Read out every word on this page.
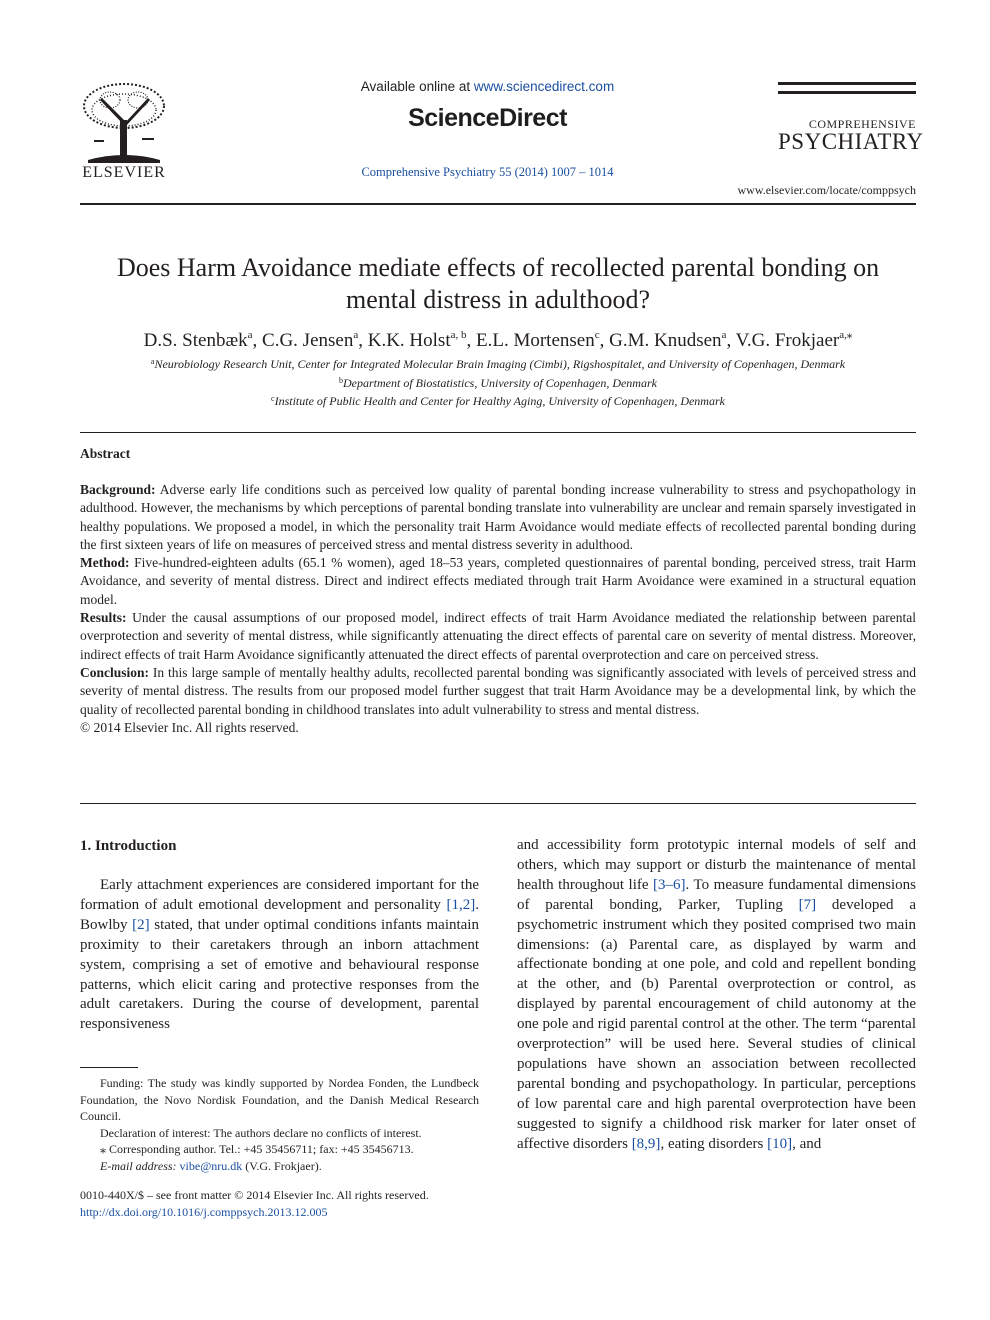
ELSEVIER
Available online at www.sciencedirect.com
ScienceDirect
Comprehensive Psychiatry 55 (2014) 1007 – 1014
COMPREHENSIVE
PSYCHIATRY
www.elsevier.com/locate/comppsych
Does Harm Avoidance mediate effects of recollected parental bonding on mental distress in adulthood?
D.S. Stenbæk$^a$, C.G. Jensen$^a$, K.K. Holst$^{a, b}$, E.L. Mortensen$^c$, G.M. Knudsen$^a$, V.G. Frokjaer$^{a,⁎}$
$^a$Neurobiology Research Unit, Center for Integrated Molecular Brain Imaging (Cimbi), Rigshospitalet, and University of Copenhagen, Denmark
$^b$Department of Biostatistics, University of Copenhagen, Denmark
$^c$Institute of Public Health and Center for Healthy Aging, University of Copenhagen, Denmark
Abstract

Background: Adverse early life conditions such as perceived low quality of parental bonding increase vulnerability to stress and psychopathology in adulthood. However, the mechanisms by which perceptions of parental bonding translate into vulnerability are unclear and remain sparsely investigated in healthy populations. We proposed a model, in which the personality trait Harm Avoidance would mediate effects of recollected parental bonding during the first sixteen years of life on measures of perceived stress and mental distress severity in adulthood.

Method: Five-hundred-eighteen adults (65.1 % women), aged 18–53 years, completed questionnaires of parental bonding, perceived stress, trait Harm Avoidance, and severity of mental distress. Direct and indirect effects mediated through trait Harm Avoidance were examined in a structural equation model.

Results: Under the causal assumptions of our proposed model, indirect effects of trait Harm Avoidance mediated the relationship between parental overprotection and severity of mental distress, while significantly attenuating the direct effects of parental care on severity of mental distress. Moreover, indirect effects of trait Harm Avoidance significantly attenuated the direct effects of parental overprotection and care on perceived stress.

Conclusion: In this large sample of mentally healthy adults, recollected parental bonding was significantly associated with levels of perceived stress and severity of mental distress. The results from our proposed model further suggest that trait Harm Avoidance may be a developmental link, by which the quality of recollected parental bonding in childhood translates into adult vulnerability to stress and mental distress.

© 2014 Elsevier Inc. All rights reserved.

1. Introduction

Early attachment experiences are considered important for the formation of adult emotional development and personality [1,2]. Bowlby [2] stated, that under optimal conditions infants maintain proximity to their caretakers through an inborn attachment system, comprising a set of emotive and behavioural response patterns, which elicit caring and protective responses from the adult caretakers. During the course of development, parental responsiveness

Funding: The study was kindly supported by Nordea Fonden, the Lundbeck Foundation, the Novo Nordisk Foundation, and the Danish Medical Research Council.

Declaration of interest: The authors declare no conflicts of interest.

⁎ Corresponding author. Tel.: +45 35456711; fax: +45 35456713.

E-mail address: vibe@nru.dk (V.G. Frokjaer).

0010-440X/$ – see front matter © 2014 Elsevier Inc. All rights reserved.
http://dx.doi.org/10.1016/j.comppsych.2013.12.005

and accessibility form prototypic internal models of self and others, which may support or disturb the maintenance of mental health throughout life [3–6]. To measure fundamental dimensions of parental bonding, Parker, Tupling [7] developed a psychometric instrument which they posited comprised two main dimensions: (a) Parental care, as displayed by warm and affectionate bonding at one pole, and cold and repellent bonding at the other, and (b) Parental overprotection or control, as displayed by parental encouragement of child autonomy at the one pole and rigid parental control at the other. The term “parental overprotection” will be used here. Several studies of clinical populations have shown an association between recollected parental bonding and psychopathology. In particular, perceptions of low parental care and high parental overprotection have been suggested to signify a childhood risk marker for later onset of affective disorders [8,9], eating disorders [10], and
